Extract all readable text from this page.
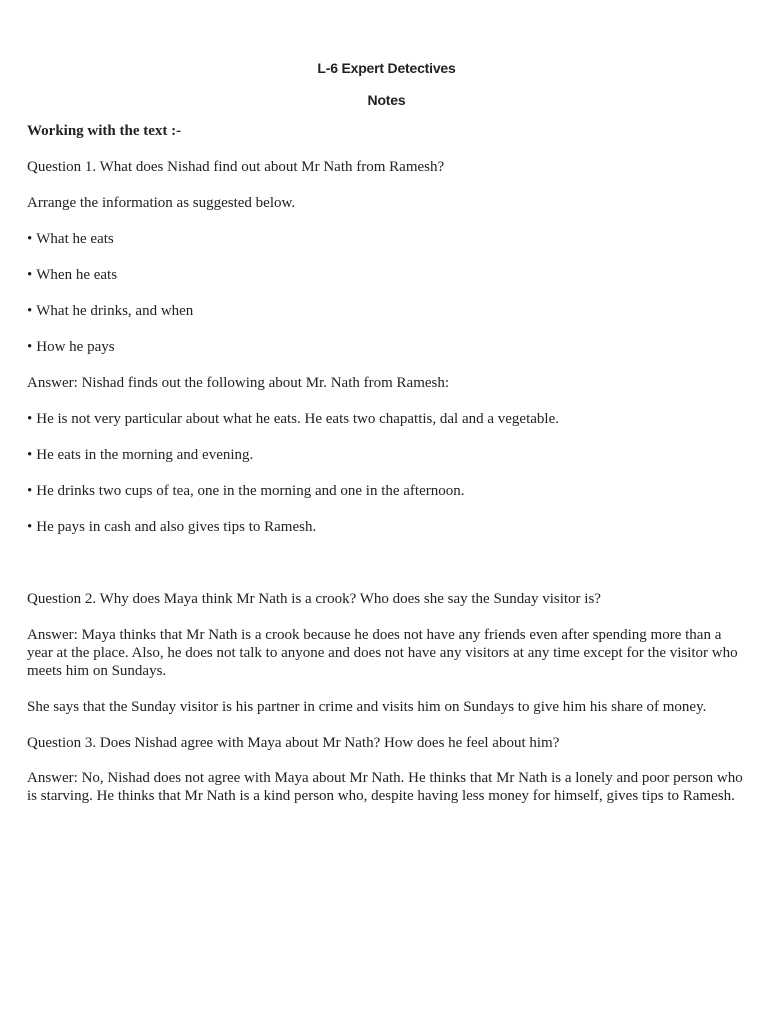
L-6 Expert Detectives
Notes

Working with the text :-

Question 1. What does Nishad find out about Mr Nath from Ramesh?

Arrange the information as suggested below.

• What he eats

• When he eats

• What he drinks, and when

• How he pays

Answer: Nishad finds out the following about Mr. Nath from Ramesh:

• He is not very particular about what he eats. He eats two chapattis, dal and a vegetable.

• He eats in the morning and evening.

• He drinks two cups of tea, one in the morning and one in the afternoon.

• He pays in cash and also gives tips to Ramesh.

Question 2. Why does Maya think Mr Nath is a crook? Who does she say the Sunday visitor is?

Answer: Maya thinks that Mr Nath is a crook because he does not have any friends even after spending more than a year at the place. Also, he does not talk to anyone and does not have any visitors at any time except for the visitor who meets him on Sundays.

She says that the Sunday visitor is his partner in crime and visits him on Sundays to give him his share of money.

Question 3. Does Nishad agree with Maya about Mr Nath? How does he feel about him?

Answer: No, Nishad does not agree with Maya about Mr Nath. He thinks that Mr Nath is a lonely and poor person who is starving. He thinks that Mr Nath is a kind person who, despite having less money for himself, gives tips to Ramesh.
